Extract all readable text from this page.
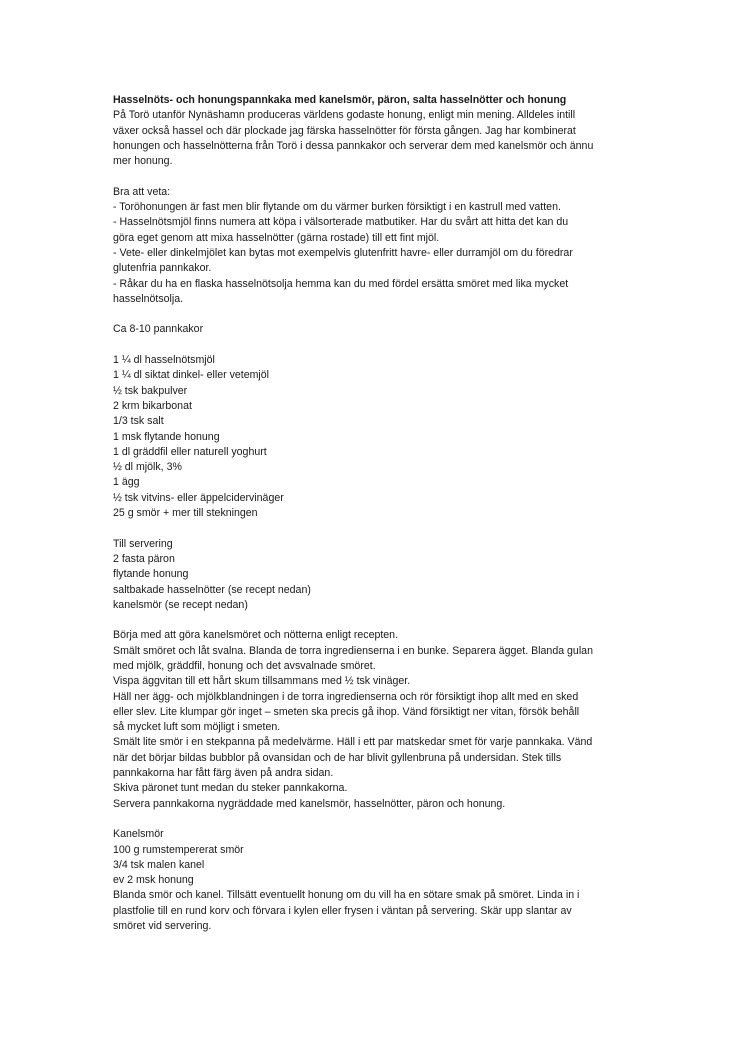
Hasselnöts- och honungspannkaka med kanelsmör, päron, salta hasselnötter och honung
På Torö utanför Nynäshamn produceras världens godaste honung, enligt min mening. Alldeles intill
växer också hassel och där plockade jag färska hasselnötter för första gången. Jag har kombinerat
honungen och hasselnötterna från Torö i dessa pannkakor och serverar dem med kanelsmör och ännu
mer honung.
Bra att veta:
- Toröhonungen är fast men blir flytande om du värmer burken försiktigt i en kastrull med vatten.
- Hasselnötsmjöl finns numera att köpa i välsorterade matbutiker. Har du svårt att hitta det kan du
göra eget genom att mixa hasselnötter (gärna rostade) till ett fint mjöl.
- Vete- eller dinkelmjölet kan bytas mot exempelvis glutenfritt havre- eller durramjöl om du föredrar
glutenfria pannkakor.
- Råkar du ha en flaska hasselnötsolja hemma kan du med fördel ersätta smöret med lika mycket
hasselnötsolja.
Ca 8-10 pannkakor
1 ¼ dl hasselnötsmjöl
1 ¼ dl siktat dinkel- eller vetemjöl
½ tsk bakpulver
2 krm bikarbonat
1/3 tsk salt
1 msk flytande honung
1 dl gräddfil eller naturell yoghurt
½ dl mjölk, 3%
1 ägg
½ tsk vitvins- eller äppelcidervinäger
25 g smör + mer till stekningen
Till servering
2 fasta päron
flytande honung
saltbakade hasselnötter (se recept nedan)
kanelsmör (se recept nedan)
Börja med att göra kanelsmöret och nötterna enligt recepten.
Smält smöret och låt svalna. Blanda de torra ingredienserna i en bunke. Separera ägget. Blanda gulan
med mjölk, gräddfil, honung och det avsvalnade smöret.
Vispa äggvitan till ett hårt skum tillsammans med ½ tsk vinäger.
Häll ner ägg- och mjölkblandningen i de torra ingredienserna och rör försiktigt ihop allt med en sked
eller slev. Lite klumpar gör inget – smeten ska precis gå ihop. Vänd försiktigt ner vitan, försök behåll
så mycket luft som möjligt i smeten.
Smält lite smör i en stekpanna på medelvärme. Häll i ett par matskedar smet för varje pannkaka. Vänd
när det börjar bildas bubblor på ovansidan och de har blivit gyllenbruna på undersidan. Stek tills
pannkakorna har fått färg även på andra sidan.
Skiva päronet tunt medan du steker pannkakorna.
Servera pannkakorna nygräddade med kanelsmör, hasselnötter, päron och honung.
Kanelsmör
100 g rumstempererat smör
3/4 tsk malen kanel
ev 2 msk honung
Blanda smör och kanel. Tillsätt eventuellt honung om du vill ha en sötare smak på smöret. Linda in i
plastfolie till en rund korv och förvara i kylen eller frysen i väntan på servering. Skär upp slantar av
smöret vid servering.
